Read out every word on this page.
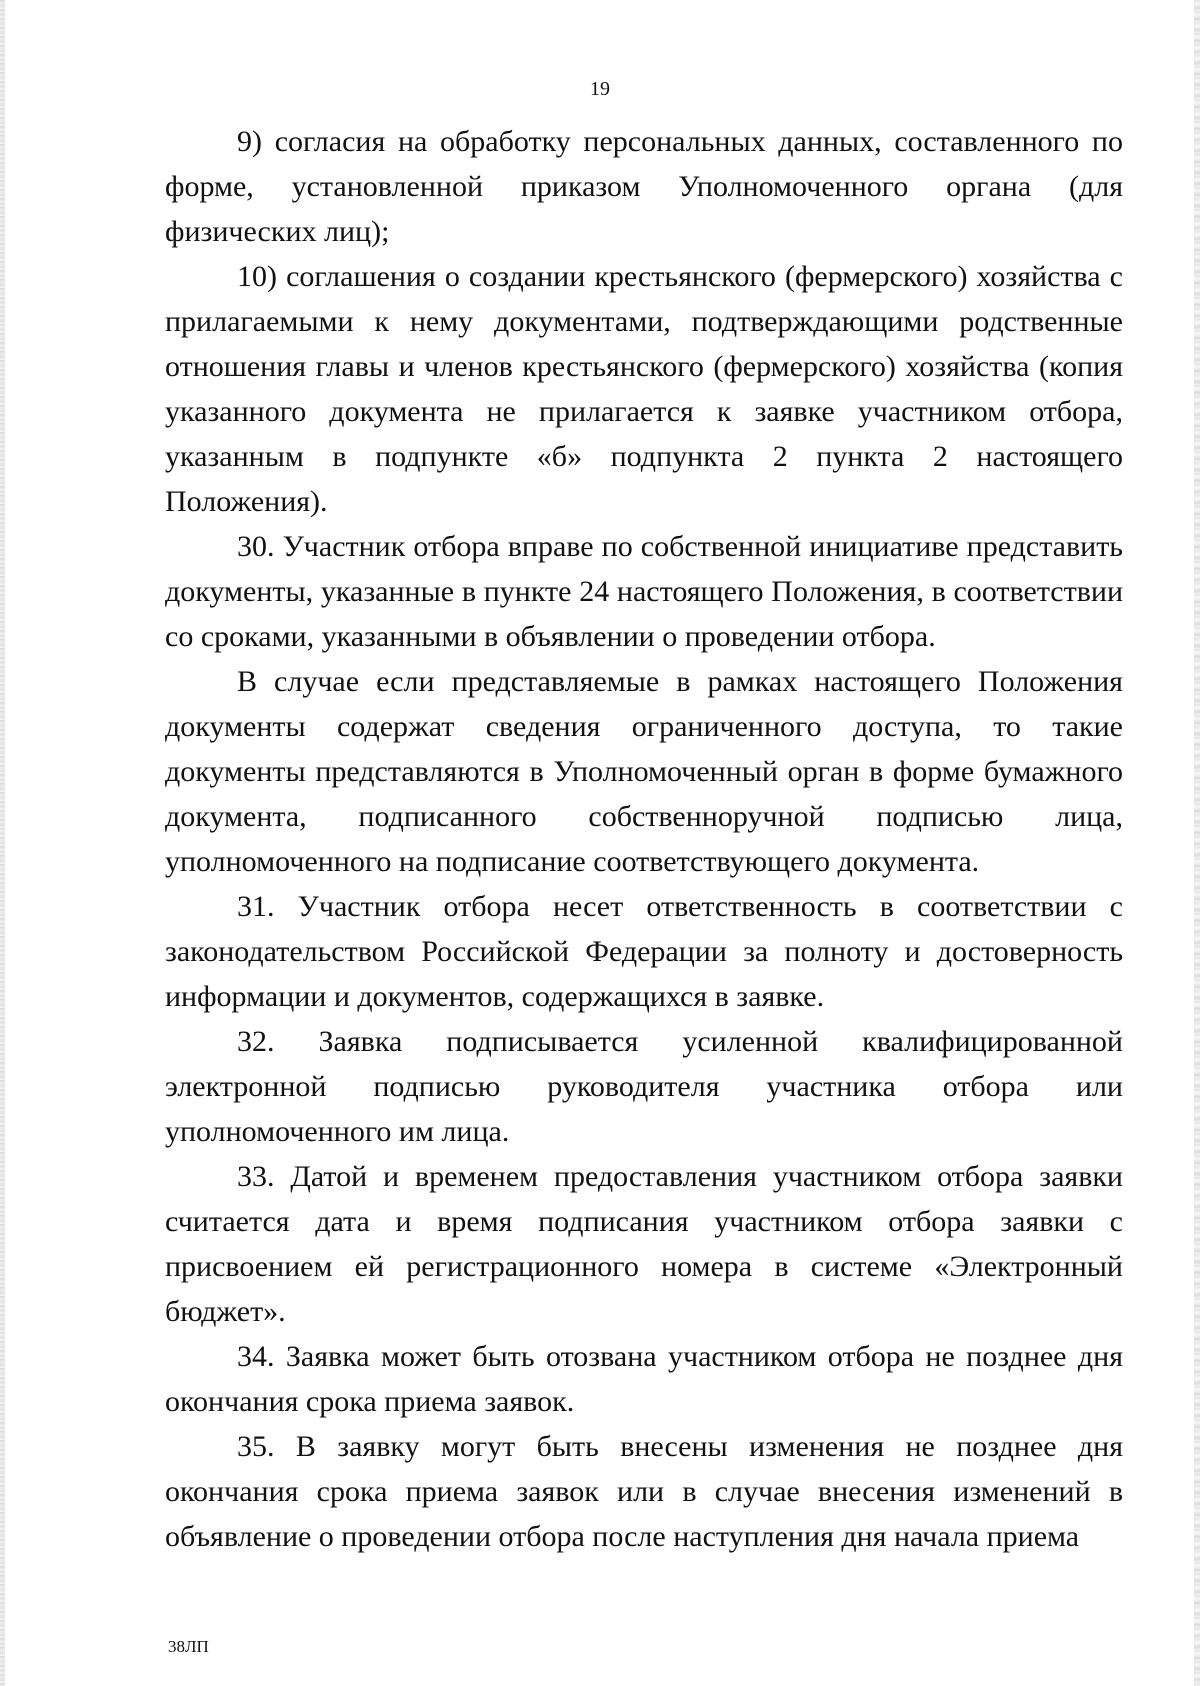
19

9) согласия на обработку персональных данных, составленного по форме, установленной приказом Уполномоченного органа (для физических лиц);

10) соглашения о создании крестьянского (фермерского) хозяйства с прилагаемыми к нему документами, подтверждающими родственные отношения главы и членов крестьянского (фермерского) хозяйства (копия указанного документа не прилагается к заявке участником отбора, указанным в подпункте «б» подпункта 2 пункта 2 настоящего Положения).

30. Участник отбора вправе по собственной инициативе представить документы, указанные в пункте 24 настоящего Положения, в соответствии со сроками, указанными в объявлении о проведении отбора.

В случае если представляемые в рамках настоящего Положения документы содержат сведения ограниченного доступа, то такие документы представляются в Уполномоченный орган в форме бумажного документа, подписанного собственноручной подписью лица, уполномоченного на подписание соответствующего документа.

31. Участник отбора несет ответственность в соответствии с законодательством Российской Федерации за полноту и достоверность информации и документов, содержащихся в заявке.

32. Заявка подписывается усиленной квалифицированной электронной подписью руководителя участника отбора или уполномоченного им лица.

33. Датой и временем предоставления участником отбора заявки считается дата и время подписания участником отбора заявки с присвоением ей регистрационного номера в системе «Электронный бюджет».

34. Заявка может быть отозвана участником отбора не позднее дня окончания срока приема заявок.

35. В заявку могут быть внесены изменения не позднее дня окончания срока приема заявок или в случае внесения изменений в объявление о проведении отбора после наступления дня начала приема

38ЛП
